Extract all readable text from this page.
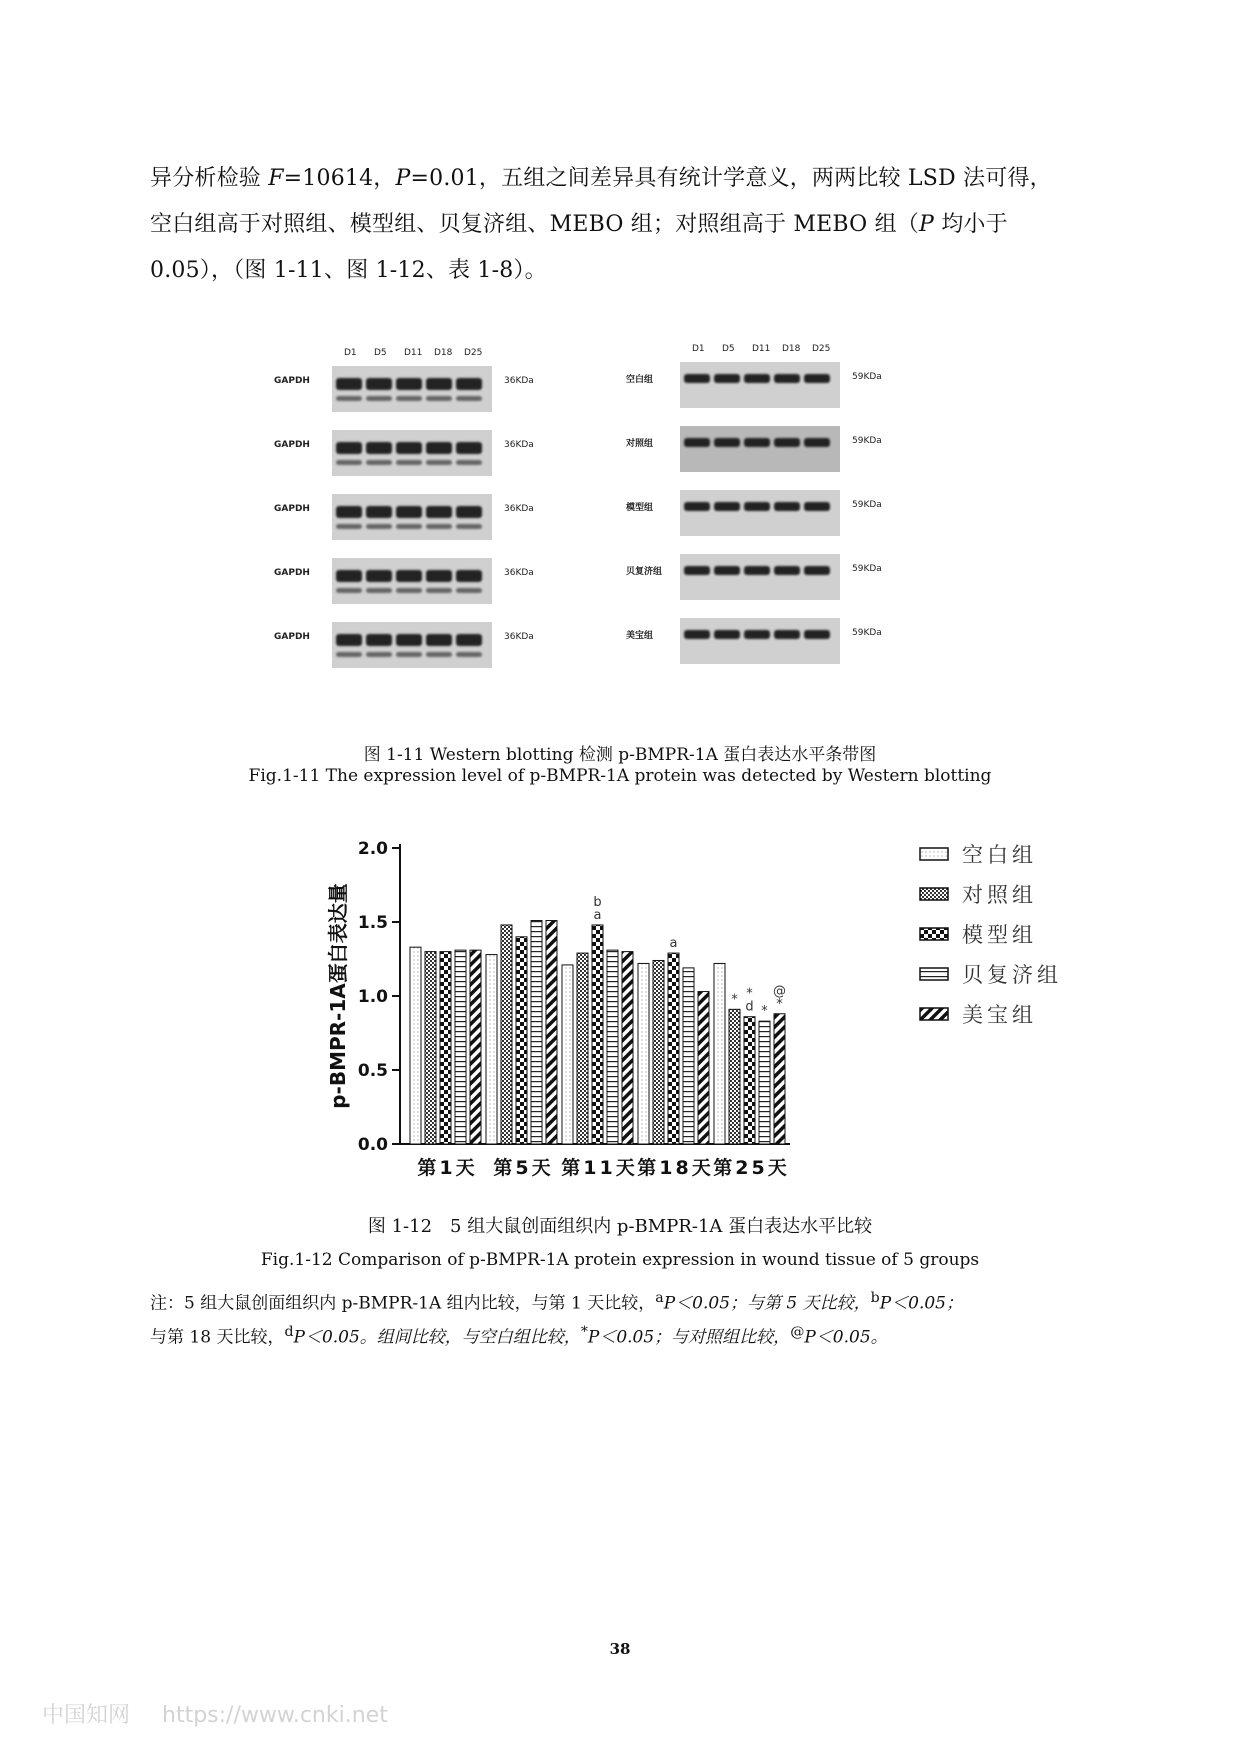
异分析检验 F=10614，P=0.01，五组之间差异具有统计学意义，两两比较 LSD 法可得，

空白组高于对照组、模型组、贝复济组、MEBO 组；对照组高于 MEBO 组（P 均小于

0.05），（图 1-11、图 1-12、表 1-8）。

D1 D5 D11 D18 D25
GAPDH	36KDa
GAPDH	36KDa
GAPDH	36KDa
GAPDH	36KDa
GAPDH	36KDa
D1 D5 D11 D18 D25
空白组	59KDa
对照组	59KDa
模型组	59KDa
贝复济组	59KDa
美宝组	59KDa
图 1-11 Western blotting 检测 p-BMPR-1A 蛋白表达水平条带图
Fig.1-11 The expression level of p-BMPR-1A protein was detected by Western blotting
0.0
0.5
1.0
1.5
2.0
p-BMPR-1A蛋白表达量
第1天 第5天
b
a
第11天
a
第18天
* *
d *
@
*
第25天
空白组
对照组
模型组
贝复济组
美宝组
图 1-12　5 组大鼠创面组织内 p-BMPR-1A 蛋白表达水平比较
Fig.1-12 Comparison of p-BMPR-1A protein expression in wound tissue of 5 groups

注：5 组大鼠创面组织内 p-BMPR-1A 组内比较，与第 1 天比较，$^a$P＜0.05；与第 5 天比较，$^b$P＜0.05；

与第 18 天比较，$^d$P＜0.05。组间比较，与空白组比较，*P＜0.05；与对照组比较，@P＜0.05。

38
中国知网 https://www.cnki.net
